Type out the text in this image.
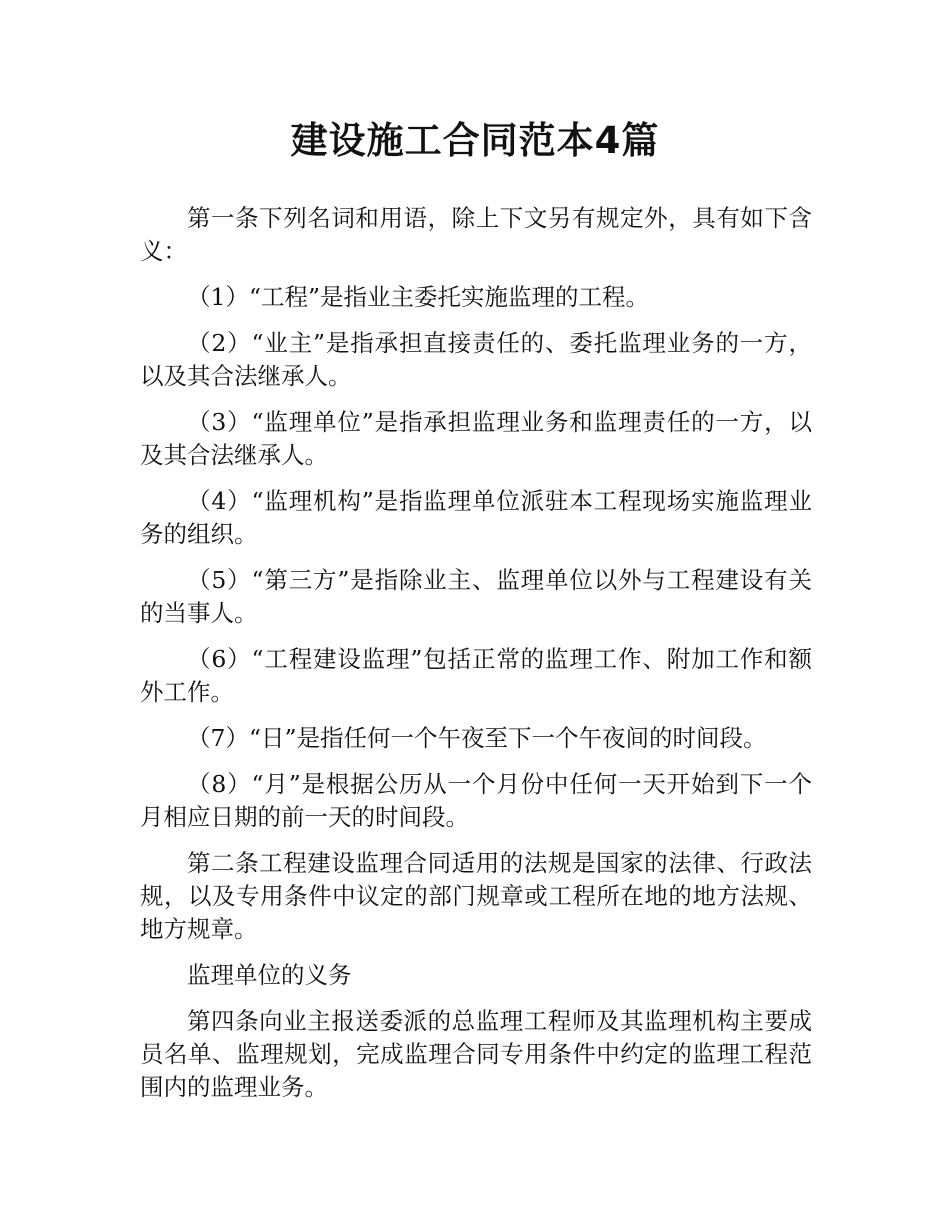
建设施工合同范本4篇

第一条下列名词和用语，除上下文另有规定外，具有如下含义：

（1）“工程”是指业主委托实施监理的工程。

（2）“业主”是指承担直接责任的、委托监理业务的一方，以及其合法继承人。

（3）“监理单位”是指承担监理业务和监理责任的一方，以及其合法继承人。

（4）“监理机构”是指监理单位派驻本工程现场实施监理业务的组织。

（5）“第三方”是指除业主、监理单位以外与工程建设有关的当事人。

（6）“工程建设监理”包括正常的监理工作、附加工作和额外工作。

（7）“日”是指任何一个午夜至下一个午夜间的时间段。

（8）“月”是根据公历从一个月份中任何一天开始到下一个月相应日期的前一天的时间段。

第二条工程建设监理合同适用的法规是国家的法律、行政法规，以及专用条件中议定的部门规章或工程所在地的地方法规、地方规章。

监理单位的义务

第四条向业主报送委派的总监理工程师及其监理机构主要成员名单、监理规划，完成监理合同专用条件中约定的监理工程范围内的监理业务。
